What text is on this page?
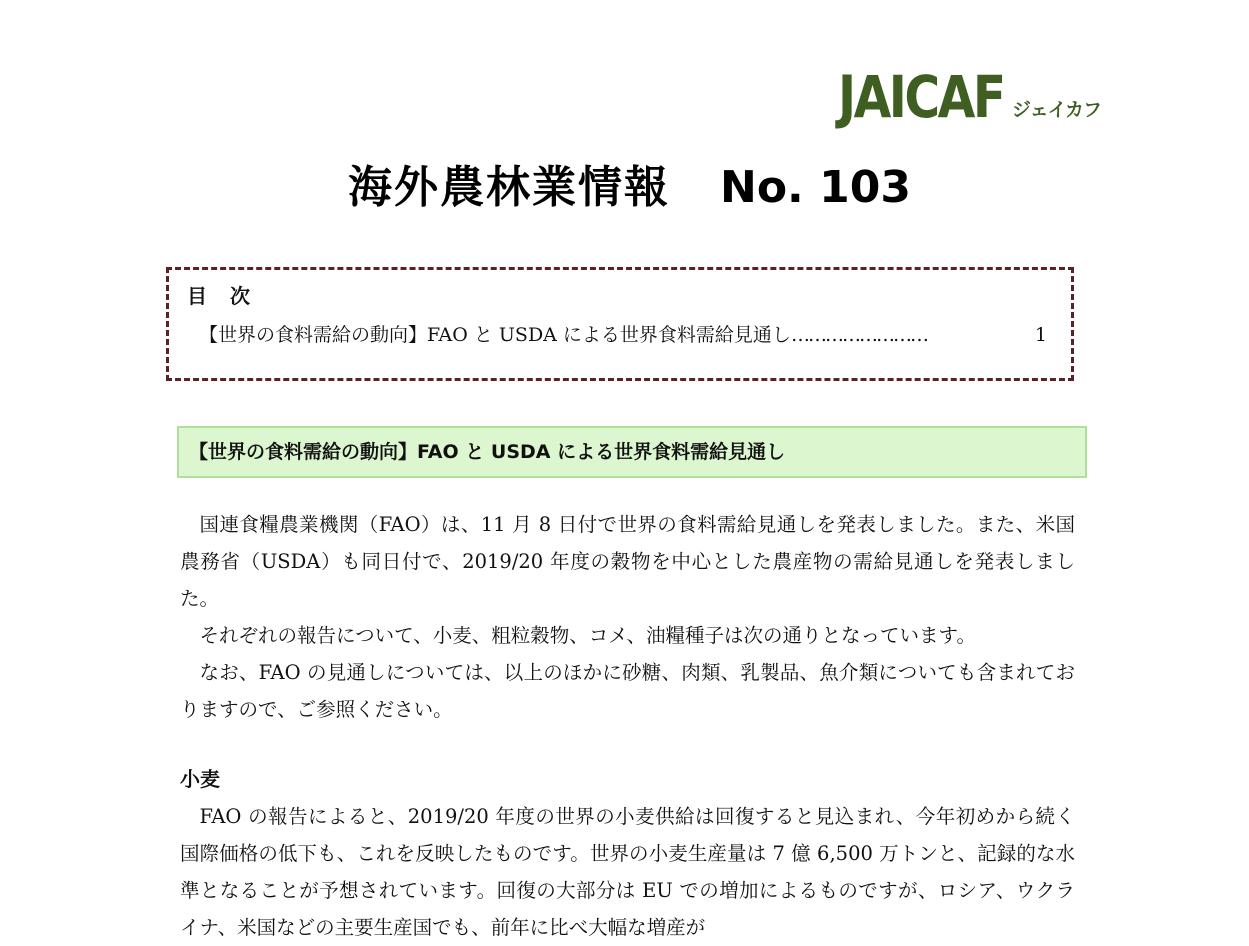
JAICAF ジェイカフ
海外農林業情報 No. 103
目 次
【世界の食料需給の動向】FAO と USDA による世界食料需給見通し ……………………	1
【世界の食料需給の動向】FAO と USDA による世界食料需給見通し

国連食糧農業機関（FAO）は、11 月 8 日付で世界の食料需給見通しを発表しました。また、米国農務省（USDA）も同日付で、2019/20 年度の穀物を中心とした農産物の需給見通しを発表しました。

それぞれの報告について、小麦、粗粒穀物、コメ、油糧種子は次の通りとなっています。

なお、FAO の見通しについては、以上のほかに砂糖、肉類、乳製品、魚介類についても含まれておりますので、ご参照ください。

小麦

FAO の報告によると、2019/20 年度の世界の小麦供給は回復すると見込まれ、今年初めから続く国際価格の低下も、これを反映したものです。世界の小麦生産量は 7 億 6,500 万トンと、記録的な水準となることが予想されています。回復の大部分は EU での増加によるものですが、ロシア、ウクライナ、米国などの主要生産国でも、前年に比べ大幅な増産が
